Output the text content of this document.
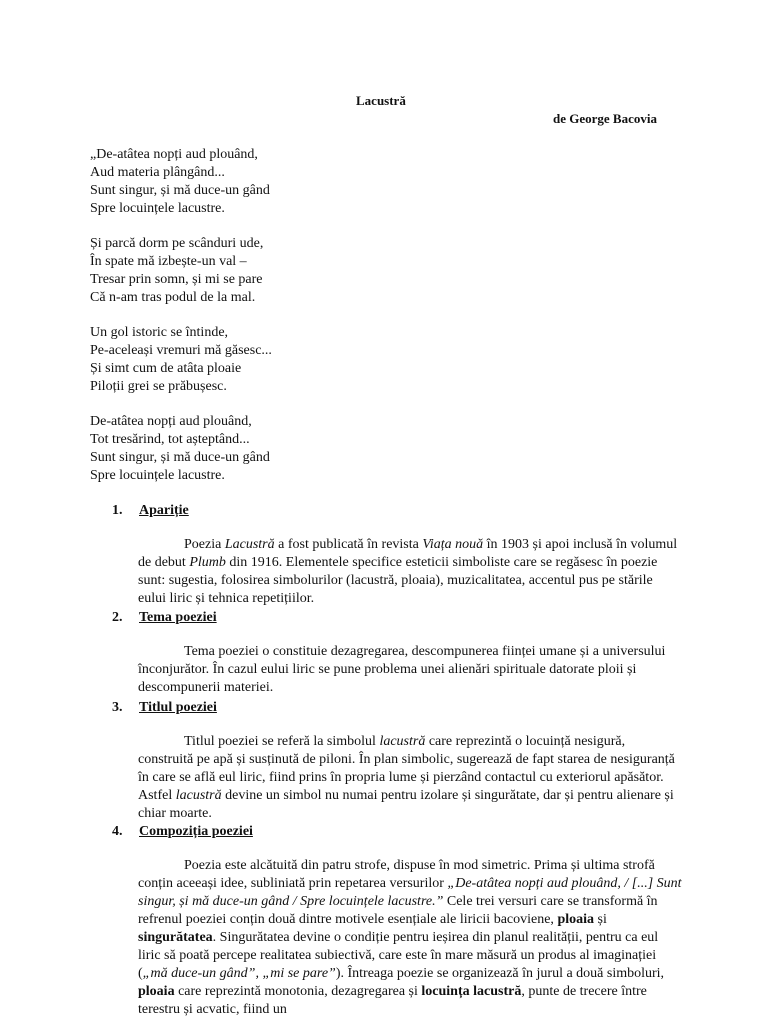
Lacustră
de George Bacovia
„De-atâtea nopți aud plouând,
Aud materia plângând...
Sunt singur, și mă duce-un gând
Spre locuințele lacustre.
Și parcă dorm pe scânduri ude,
În spate mă izbește-un val –
Tresar prin somn, și mi se pare
Că n-am tras podul de la mal.
Un gol istoric se întinde,
Pe-aceleași vremuri mă găsesc...
Și simt cum de atâta ploaie
Piloții grei se prăbușesc.
De-atâtea nopți aud plouând,
Tot tresărind, tot așteptând...
Sunt singur, și mă duce-un gând
Spre locuințele lacustre.
1.	Apariție
Poezia Lacustră a fost publicată în revista Viața nouă în 1903 și apoi inclusă în volumul de debut Plumb din 1916. Elementele specifice esteticii simboliste care se regăsesc în poezie sunt: sugestia, folosirea simbolurilor (lacustră, ploaia), muzicalitatea, accentul pus pe stările eului liric și tehnica repetițiilor.
2.	Tema poeziei
Tema poeziei o constituie dezagregarea, descompunerea ființei umane și a universului înconjurător. În cazul eului liric se pune problema unei alienări spirituale datorate ploii și descompunerii materiei.
3.	Titlul poeziei
Titlul poeziei se referă la simbolul lacustră care reprezintă o locuință nesigură, construită pe apă și susținută de piloni. În plan simbolic, sugerează de fapt starea de nesiguranță în care se află eul liric, fiind prins în propria lume și pierzând contactul cu exteriorul apăsător. Astfel lacustră devine un simbol nu numai pentru izolare și singurătate, dar și pentru alienare și chiar moarte.
4.	Compoziția poeziei
Poezia este alcătuită din patru strofe, dispuse în mod simetric. Prima și ultima strofă conțin aceeași idee, subliniată prin repetarea versurilor „De-atâtea nopți aud plouând, / [...] Sunt singur, și mă duce-un gând / Spre locuințele lacustre.” Cele trei versuri care se transformă în refrenul poeziei conțin două dintre motivele esențiale ale liricii bacoviene, ploaia și singurătatea. Singurătatea devine o condiție pentru ieșirea din planul realității, pentru ca eul liric să poată percepe realitatea subiectivă, care este în mare măsură un produs al imaginației („mă duce-un gând”, „mi se pare”). Întreaga poezie se organizează în jurul a două simboluri, ploaia care reprezintă monotonia, dezagregarea și locuința lacustră, punte de trecere între terestru și acvatic, fiind un
